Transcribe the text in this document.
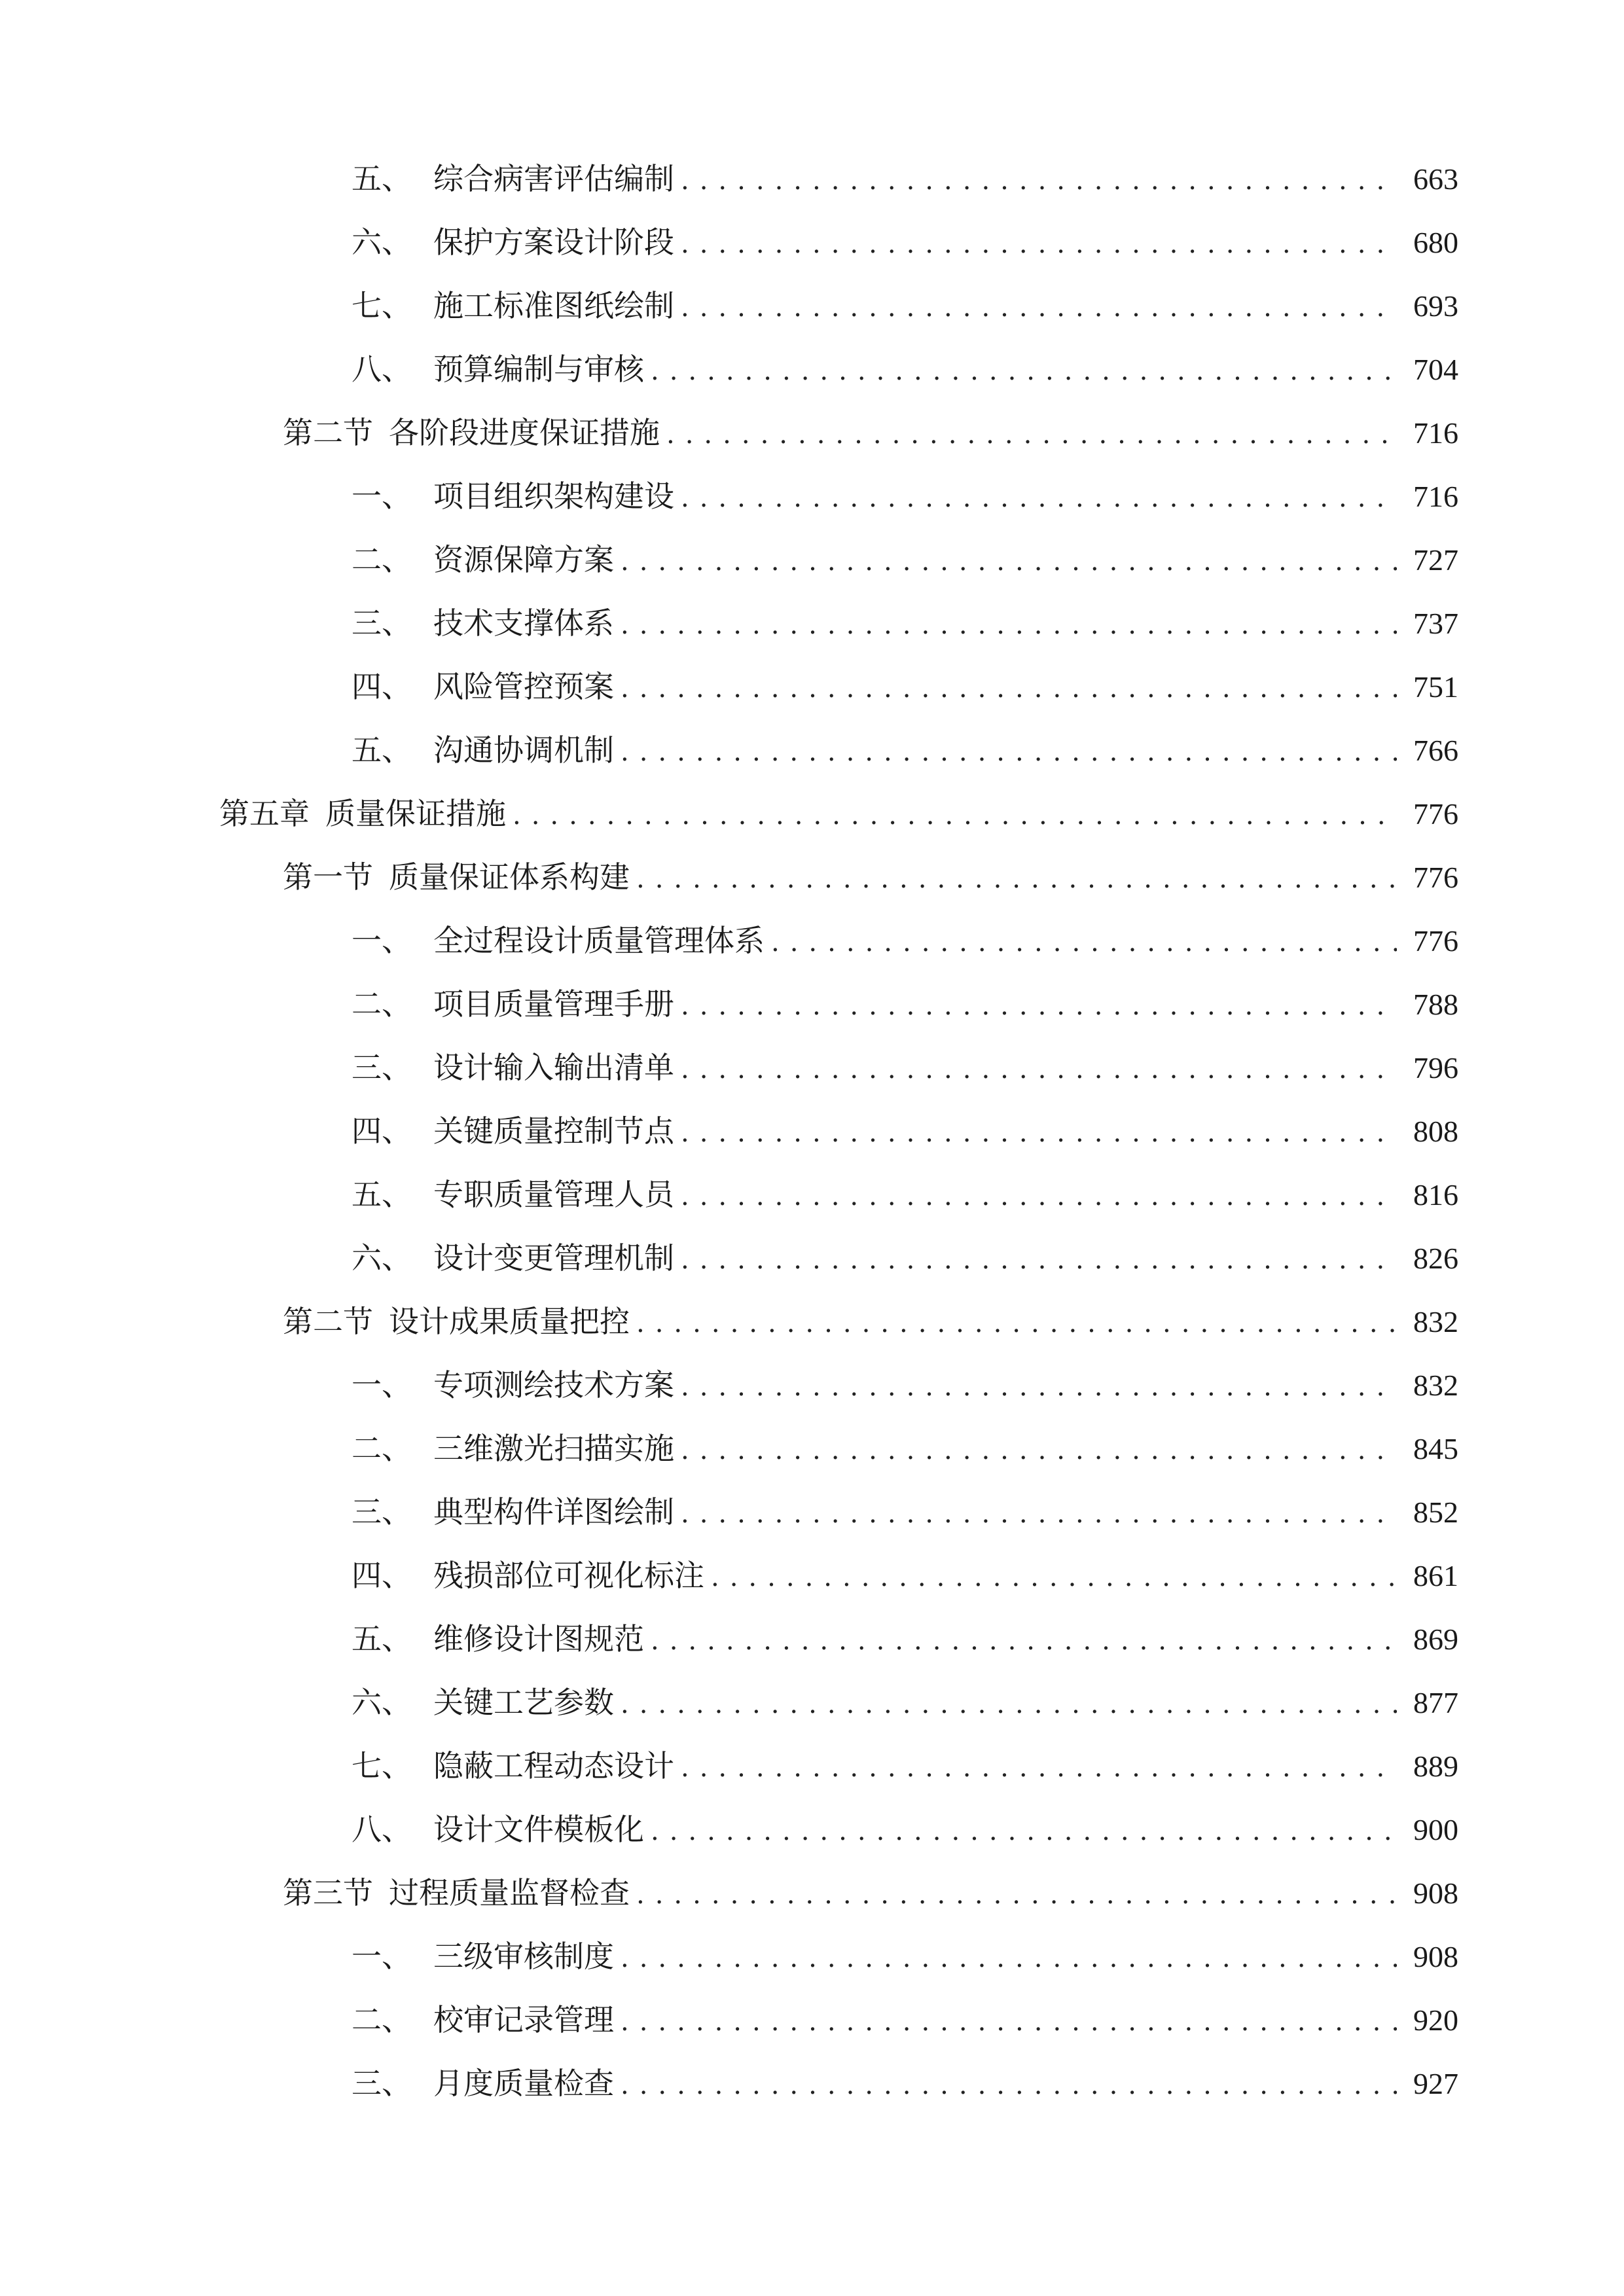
五、 综合病害评估编制 .....	663
六、 保护方案设计阶段 .....	680
七、 施工标准图纸绘制 .....	693
八、 预算编制与审核 .....	704
第二节 各阶段进度保证措施 .....	716
一、 项目组织架构建设 .....	716
二、 资源保障方案 .....	727
三、 技术支撑体系 .....	737
四、 风险管控预案 .....	751
五、 沟通协调机制 .....	766
第五章 质量保证措施 .....	776
第一节 质量保证体系构建 .....	776
一、 全过程设计质量管理体系 .....	776
二、 项目质量管理手册 .....	788
三、 设计输入输出清单 .....	796
四、 关键质量控制节点 .....	808
五、 专职质量管理人员 .....	816
六、 设计变更管理机制 .....	826
第二节 设计成果质量把控 .....	832
一、 专项测绘技术方案 .....	832
二、 三维激光扫描实施 .....	845
三、 典型构件详图绘制 .....	852
四、 残损部位可视化标注 .....	861
五、 维修设计图规范 .....	869
六、 关键工艺参数 .....	877
七、 隐蔽工程动态设计 .....	889
八、 设计文件模板化 .....	900
第三节 过程质量监督检查 .....	908
一、 三级审核制度 .....	908
二、 校审记录管理 .....	920
三、 月度质量检查 .....	927
